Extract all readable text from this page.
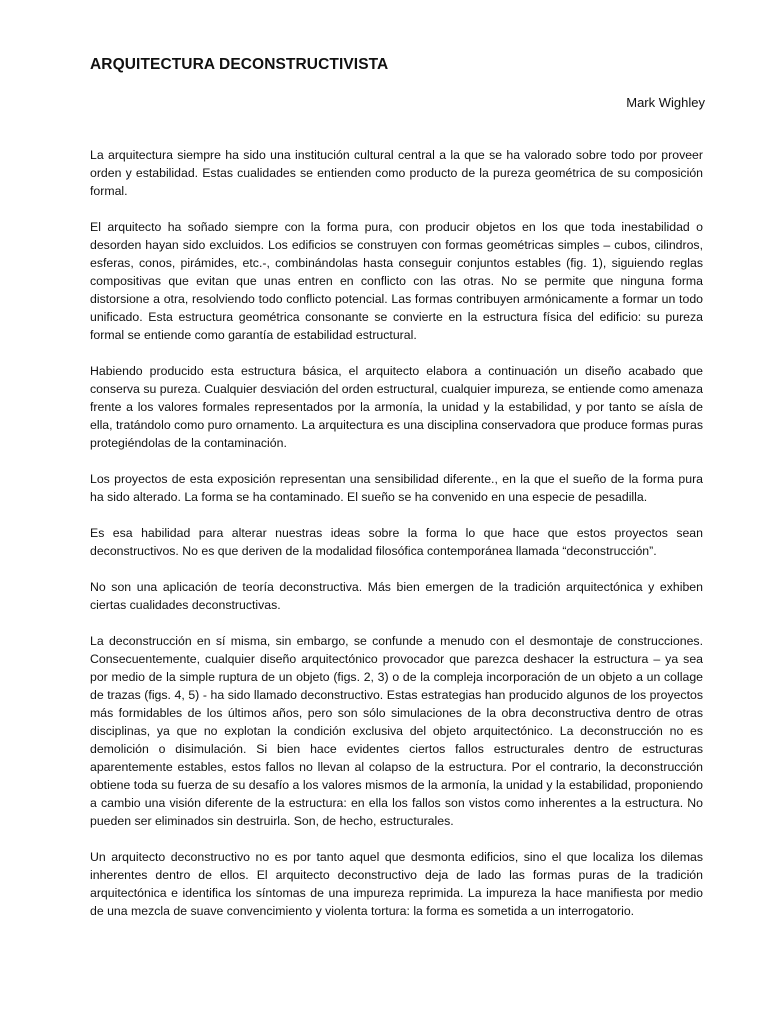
ARQUITECTURA DECONSTRUCTIVISTA

Mark Wighley

La arquitectura siempre ha sido una institución cultural central a la que se ha valorado sobre todo por proveer orden y estabilidad. Estas cualidades se entienden como producto de la pureza geométrica de su composición formal.

El arquitecto ha soñado siempre con la forma pura, con producir objetos en los que toda inestabilidad o desorden hayan sido excluidos. Los edificios se construyen con formas geométricas simples – cubos, cilindros, esferas, conos, pirámides, etc.-, combinándolas hasta conseguir conjuntos estables (fig. 1), siguiendo reglas compositivas que evitan que unas entren en conflicto con las otras. No se permite que ninguna forma distorsione a otra, resolviendo todo conflicto potencial. Las formas contribuyen armónicamente a formar un todo unificado. Esta estructura geométrica consonante se convierte en la estructura física del edificio: su pureza formal se entiende como garantía de estabilidad estructural.

Habiendo producido esta estructura básica, el arquitecto elabora a continuación un diseño acabado que conserva su pureza. Cualquier desviación del orden estructural, cualquier impureza, se entiende como amenaza frente a los valores formales representados por la armonía, la unidad y la estabilidad, y por tanto se aísla de ella, tratándolo como puro ornamento. La arquitectura es una disciplina conservadora que produce formas puras protegiéndolas de la contaminación.

Los proyectos de esta exposición representan una sensibilidad diferente., en la que el sueño de la forma pura ha sido alterado. La forma se ha contaminado. El sueño se ha convenido en una especie de pesadilla.

Es esa habilidad para alterar nuestras ideas sobre la forma lo que hace que estos proyectos sean deconstructivos. No es que deriven de la modalidad filosófica contemporánea llamada “deconstrucción”.

No son una aplicación de teoría deconstructiva. Más bien emergen de la tradición arquitectónica y exhiben ciertas cualidades deconstructivas.

La deconstrucción en sí misma, sin embargo, se confunde a menudo con el desmontaje de construcciones. Consecuentemente, cualquier diseño arquitectónico provocador que parezca deshacer la estructura – ya sea por medio de la simple ruptura de un objeto (figs. 2, 3) o de la compleja incorporación de un objeto a un collage de trazas (figs. 4, 5) - ha sido llamado deconstructivo. Estas estrategias han producido algunos de los proyectos más formidables de los últimos años, pero son sólo simulaciones de la obra deconstructiva dentro de otras disciplinas, ya que no explotan la condición exclusiva del objeto arquitectónico. La deconstrucción no es demolición o disimulación. Si bien hace evidentes ciertos fallos estructurales dentro de estructuras aparentemente estables, estos fallos no llevan al colapso de la estructura. Por el contrario, la deconstrucción obtiene toda su fuerza de su desafío a los valores mismos de la armonía, la unidad y la estabilidad, proponiendo a cambio una visión diferente de la estructura: en ella los fallos son vistos como inherentes a la estructura. No pueden ser eliminados sin destruirla. Son, de hecho, estructurales.

Un arquitecto deconstructivo no es por tanto aquel que desmonta edificios, sino el que localiza los dilemas inherentes dentro de ellos. El arquitecto deconstructivo deja de lado las formas puras de la tradición arquitectónica e identifica los síntomas de una impureza reprimida. La impureza la hace manifiesta por medio de una mezcla de suave convencimiento y violenta tortura: la forma es sometida a un interrogatorio.
